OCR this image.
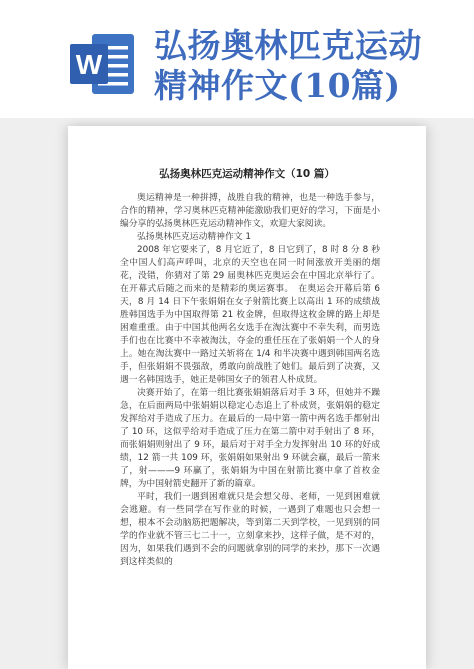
W 弘扬奥林匹克运动
精神作文(10篇)
弘扬奥林匹克运动精神作文（10 篇）

奥运精神是一种拼搏，战胜自我的精神，也是一种选手参与，合作的精神，学习奥林匹克精神能激励我们更好的学习，下面是小编分享的弘扬奥林匹克运动精神作文，欢迎大家阅读。

弘扬奥林匹克运动精神作文 1

2008 年它要来了，8 月它近了，8 日它到了，8 时 8 分 8 秒全中国人们高声呼叫，北京的天空也在同一时间涨放开美丽的烟花，没错，你猜对了第 29 届奥林匹克奥运会在中国北京举行了。在开幕式后随之而来的是精彩的奥运赛事。　在奥运会开幕后第 6 天，8 月 14 日下午张娟娟在女子射箭比赛上以高出 1 环的成绩战胜韩国选手为中国取得第 21 枚金牌，但取得这枚金牌的路上却是困难重重。由于中国其他两名女选手在淘汰赛中不幸失利，而男选手们也在比赛中不幸被淘汰，夺金的重任压在了张娟娟一个人的身上。她在淘汰赛中一路过关斩将在 1/4 和半决赛中遇到韩国两名选手，但张娟娟不畏强敌，勇敢向前战胜了她们。最后到了决赛，又遇一名韩国选手，她正是韩国女子的领君人朴成贤。

决赛开始了，在第一组比赛张娟娟落后对手 3 环，但她并不躁急，在后面两局中张娟娟以稳定心态追上了朴成贤，张娟娟的稳定发挥给对手造成了压力。在最后的一局中第一箭中两名选手都射出了 10 环，这似乎给对手造成了压力在第二箭中对手射出了 8 环，而张娟娟则射出了 9 环，最后对于对手全力发挥射出 10 环的好成绩，12 箭一共 109 环，张娟娟如果射出 9 环就会赢，最后一箭来了，射———9 环赢了，张娟娟为中国在射箭比赛中拿了首枚金牌，为中国射箭史翻开了新的篇章。

平时，我们一遇到困难就只是会想父母、老师，一见到困难就会逃避。有一些同学在写作业的时候，一遇到了难题也只会想一想，根本不会动脑筋把题解决，等到第二天到学校，一见到别的同学的作业就不管三七二十一，立刻拿来抄，这样子做，是不对的，因为，如果我们遇到不会的问题就拿别的同学的来抄，那下一次遇到这样类似的
